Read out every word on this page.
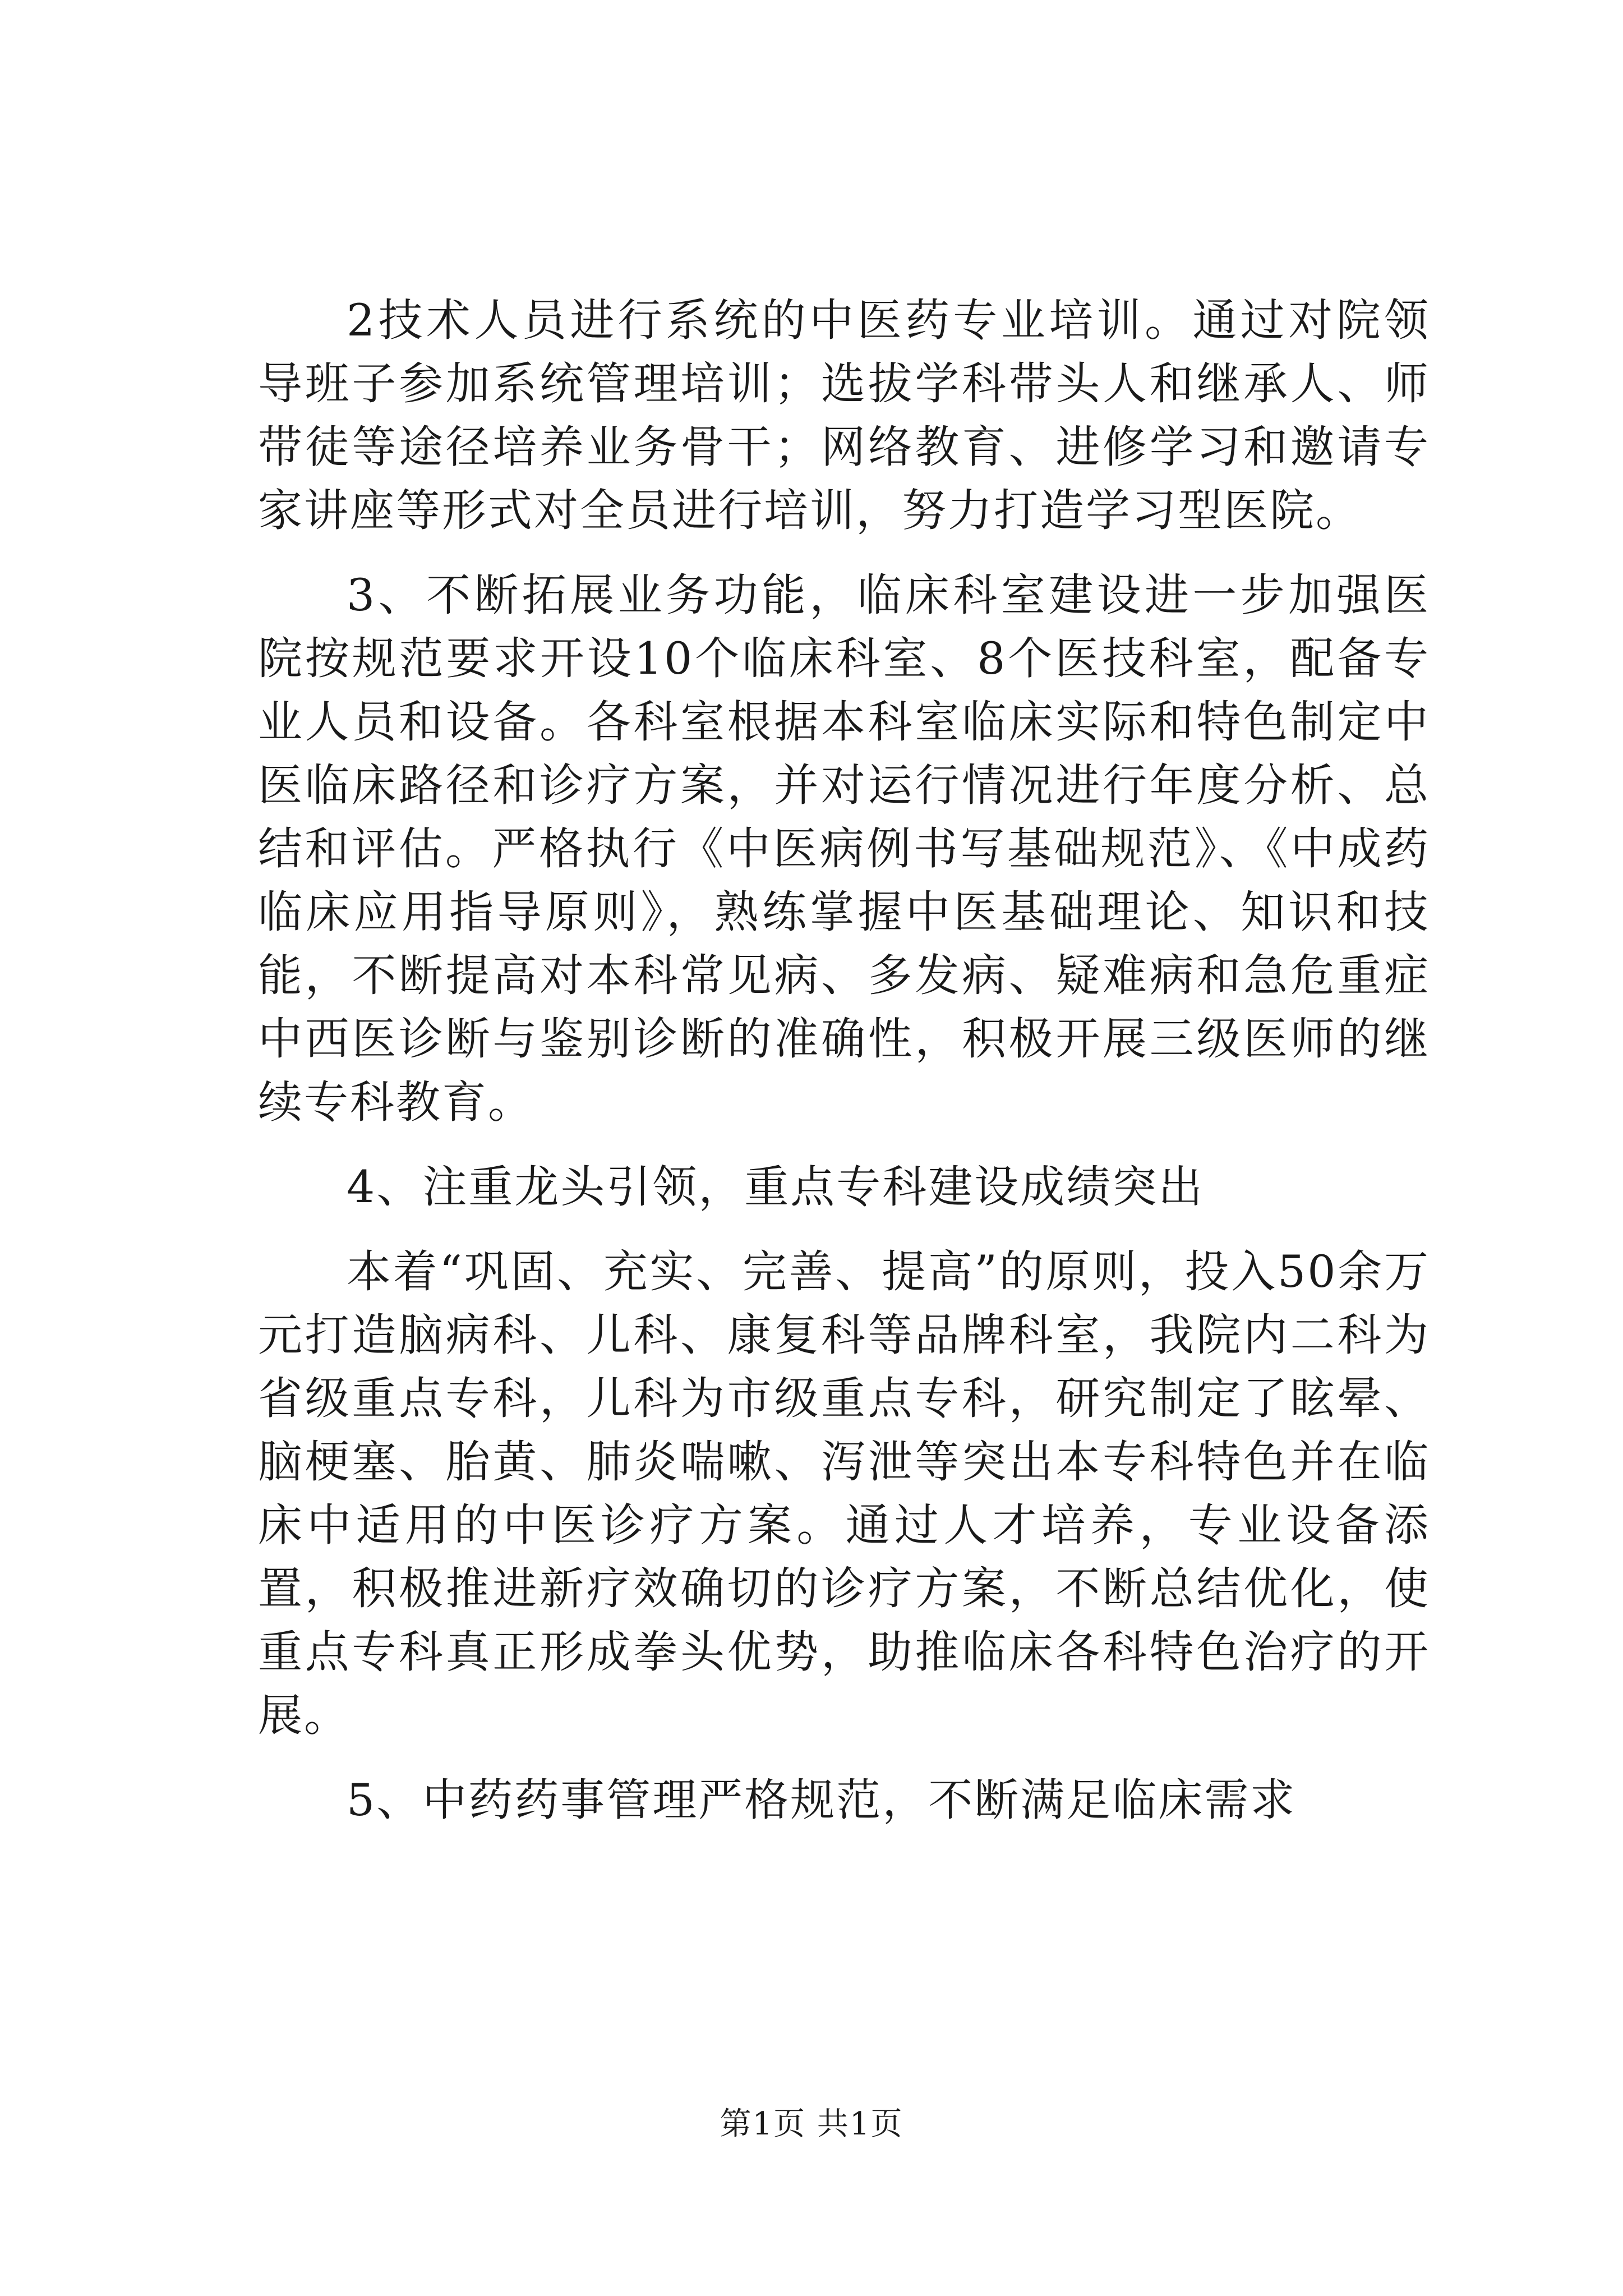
2技术人员进行系统的中医药专业培训。通过对院领导班子参加系统管理培训；选拔学科带头人和继承人、师带徒等途径培养业务骨干；网络教育、进修学习和邀请专家讲座等形式对全员进行培训，努力打造学习型医院。

3、不断拓展业务功能，临床科室建设进一步加强医院按规范要求开设10个临床科室、8个医技科室，配备专业人员和设备。各科室根据本科室临床实际和特色制定中医临床路径和诊疗方案，并对运行情况进行年度分析、总结和评估。严格执行《中医病例书写基础规范》、《中成药临床应用指导原则》，熟练掌握中医基础理论、知识和技能，不断提高对本科常见病、多发病、疑难病和急危重症中西医诊断与鉴别诊断的准确性，积极开展三级医师的继续专科教育。

4、注重龙头引领，重点专科建设成绩突出

本着“巩固、充实、完善、提高”的原则，投入50余万元打造脑病科、儿科、康复科等品牌科室，我院内二科为省级重点专科，儿科为市级重点专科，研究制定了眩晕、脑梗塞、胎黄、肺炎喘嗽、泻泄等突出本专科特色并在临床中适用的中医诊疗方案。通过人才培养，专业设备添置，积极推进新疗效确切的诊疗方案，不断总结优化，使重点专科真正形成拳头优势，助推临床各科特色治疗的开展。

5、中药药事管理严格规范，不断满足临床需求

第1页 共1页
